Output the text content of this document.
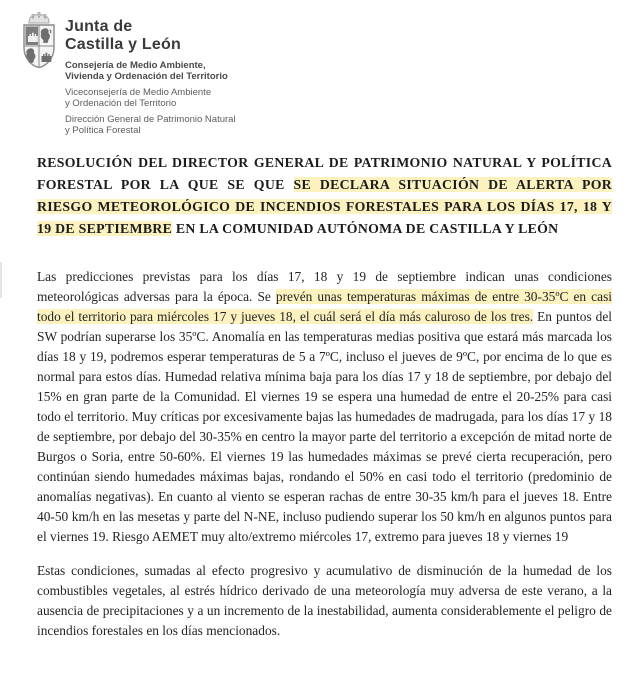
Junta de
Castilla y León
Consejería de Medio Ambiente,
Vivienda y Ordenación del Territorio
Viceconsejería de Medio Ambiente
y Ordenación del Territorio
Dirección General de Patrimonio Natural
y Política Forestal
RESOLUCIÓN DEL DIRECTOR GENERAL DE PATRIMONIO NATURAL Y POLÍTICA FORESTAL POR LA QUE SE QUE SE DECLARA SITUACIÓN DE ALERTA POR RIESGO METEOROLÓGICO DE INCENDIOS FORESTALES PARA LOS DÍAS 17, 18 Y 19 DE SEPTIEMBRE EN LA COMUNIDAD AUTÓNOMA DE CASTILLA Y LEÓN

Las predicciones previstas para los días 17, 18 y 19 de septiembre indican unas condiciones meteorológicas adversas para la época. Se prevén unas temperaturas máximas de entre 30-35ºC en casi todo el territorio para miércoles 17 y jueves 18, el cuál será el día más caluroso de los tres. En puntos del SW podrían superarse los 35ºC. Anomalía en las temperaturas medias positiva que estará más marcada los días 18 y 19, podremos esperar temperaturas de 5 a 7ºC, incluso el jueves de 9ºC, por encima de lo que es normal para estos días. Humedad relativa mínima baja para los días 17 y 18 de septiembre, por debajo del 15% en gran parte de la Comunidad. El viernes 19 se espera una humedad de entre el 20-25% para casi todo el territorio. Muy críticas por excesivamente bajas las humedades de madrugada, para los días 17 y 18 de septiembre, por debajo del 30-35% en centro la mayor parte del territorio a excepción de mitad norte de Burgos o Soria, entre 50-60%. El viernes 19 las humedades máximas se prevé cierta recuperación, pero continúan siendo humedades máximas bajas, rondando el 50% en casi todo el territorio (predominio de anomalías negativas). En cuanto al viento se esperan rachas de entre 30-35 km/h para el jueves 18. Entre 40-50 km/h en las mesetas y parte del N-NE, incluso pudiendo superar los 50 km/h en algunos puntos para el viernes 19. Riesgo AEMET muy alto/extremo miércoles 17, extremo para jueves 18 y viernes 19

Estas condiciones, sumadas al efecto progresivo y acumulativo de disminución de la humedad de los combustibles vegetales, al estrés hídrico derivado de una meteorología muy adversa de este verano, a la ausencia de precipitaciones y a un incremento de la inestabilidad, aumenta considerablemente el peligro de incendios forestales en los días mencionados.
